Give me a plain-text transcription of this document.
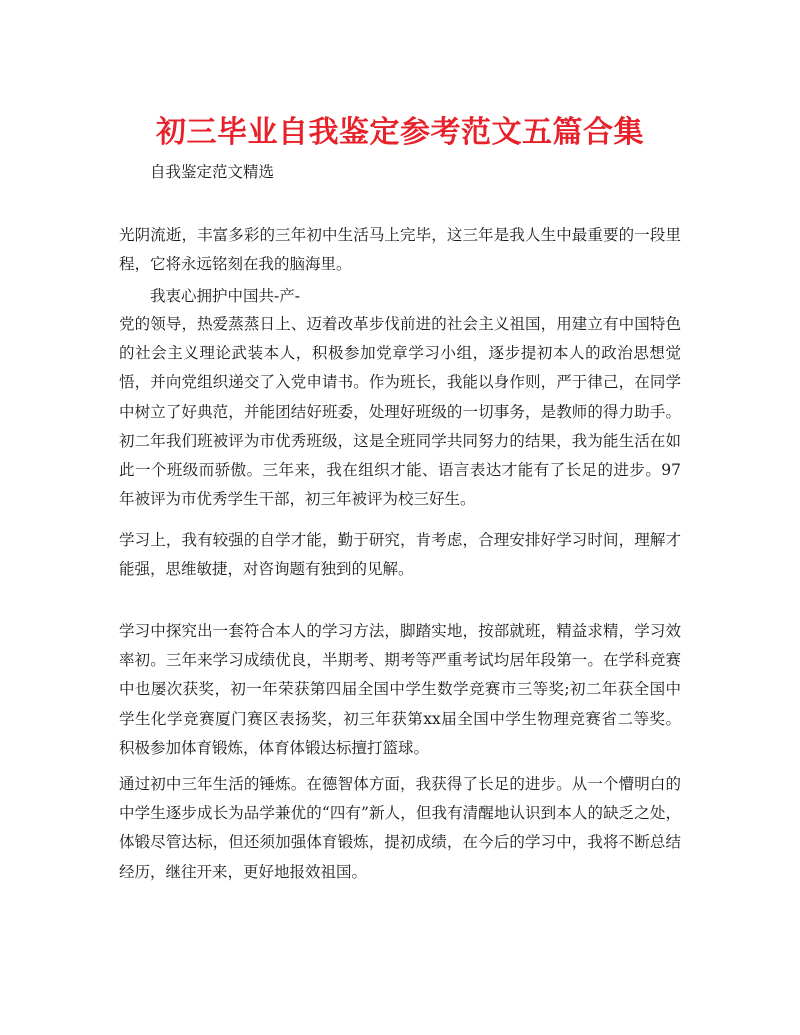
初三毕业自我鉴定参考范文五篇合集

自我鉴定范文精选

光阴流逝，丰富多彩的三年初中生活马上完毕，这三年是我人生中最重要的一段里程，它将永远铭刻在我的脑海里。

我衷心拥护中国共-产-

党的领导，热爱蒸蒸日上、迈着改革步伐前进的社会主义祖国，用建立有中国特色的社会主义理论武装本人，积极参加党章学习小组，逐步提初本人的政治思想觉悟，并向党组织递交了入党申请书。作为班长，我能以身作则，严于律己，在同学中树立了好典范，并能团结好班委，处理好班级的一切事务，是教师的得力助手。初二年我们班被评为市优秀班级，这是全班同学共同努力的结果，我为能生活在如此一个班级而骄傲。三年来，我在组织才能、语言表达才能有了长足的进步。97年被评为市优秀学生干部，初三年被评为校三好生。

学习上，我有较强的自学才能，勤于研究，肯考虑，合理安排好学习时间，理解才能强，思维敏捷，对咨询题有独到的见解。

学习中探究出一套符合本人的学习方法，脚踏实地，按部就班，精益求精，学习效率初。三年来学习成绩优良，半期考、期考等严重考试均居年段第一。在学科竞赛中也屡次获奖，初一年荣获第四届全国中学生数学竞赛市三等奖;初二年获全国中学生化学竞赛厦门赛区表扬奖，初三年获第xx届全国中学生物理竞赛省二等奖。 积极参加体育锻炼，体育体锻达标擅打篮球。

通过初中三年生活的锤炼。在德智体方面，我获得了长足的进步。从一个懵明白的中学生逐步成长为品学兼优的“四有”新人，但我有清醒地认识到本人的缺乏之处，体锻尽管达标，但还须加强体育锻炼，提初成绩，在今后的学习中，我将不断总结经历，继往开来，更好地报效祖国。
